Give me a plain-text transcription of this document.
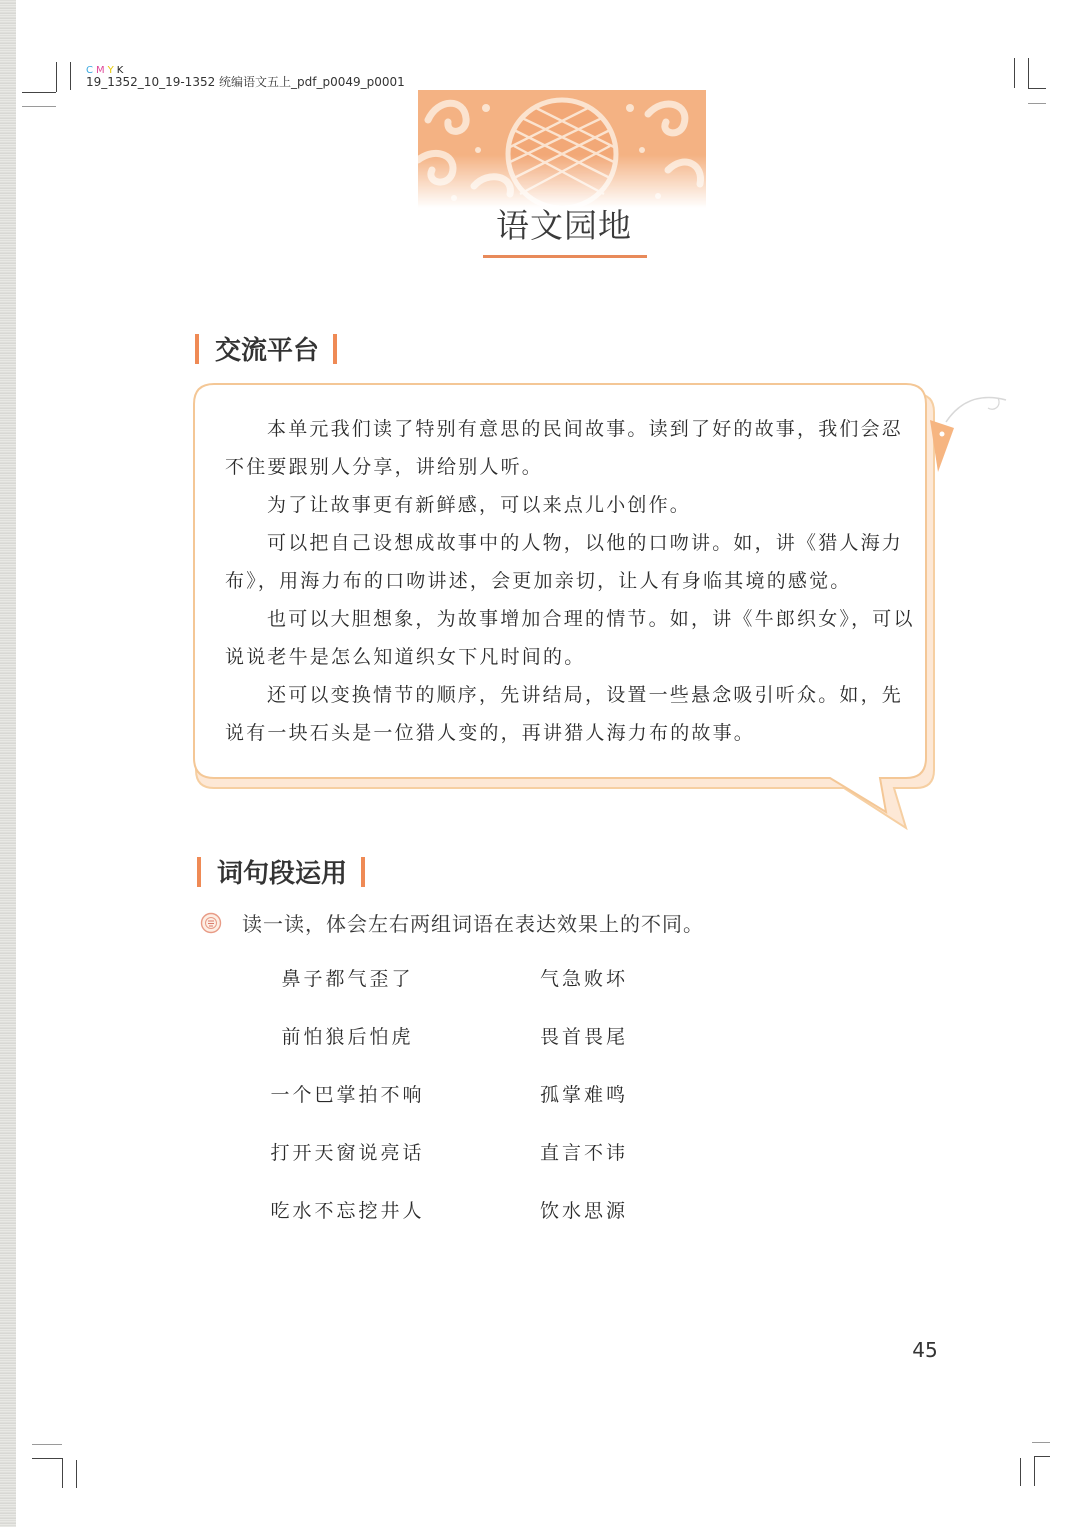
CMYK
19_1352_10_19-1352 统编语文五上_pdf_p0049_p0001
语文园地
交流平台

本单元我们读了特别有意思的民间故事。读到了好的故事，我们会忍不住要跟别人分享，讲给别人听。

为了让故事更有新鲜感，可以来点儿小创作。

可以把自己设想成故事中的人物，以他的口吻讲。如，讲《猎人海力布》，用海力布的口吻讲述，会更加亲切，让人有身临其境的感觉。

也可以大胆想象，为故事增加合理的情节。如，讲《牛郎织女》，可以说说老牛是怎么知道织女下凡时间的。

还可以变换情节的顺序，先讲结局，设置一些悬念吸引听众。如，先说有一块石头是一位猎人变的，再讲猎人海力布的故事。

词句段运用
读一读，体会左右两组词语在表达效果上的不同。
鼻子都气歪了	气急败坏
前怕狼后怕虎	畏首畏尾
一个巴掌拍不响	孤掌难鸣
打开天窗说亮话	直言不讳
吃水不忘挖井人	饮水思源
45
